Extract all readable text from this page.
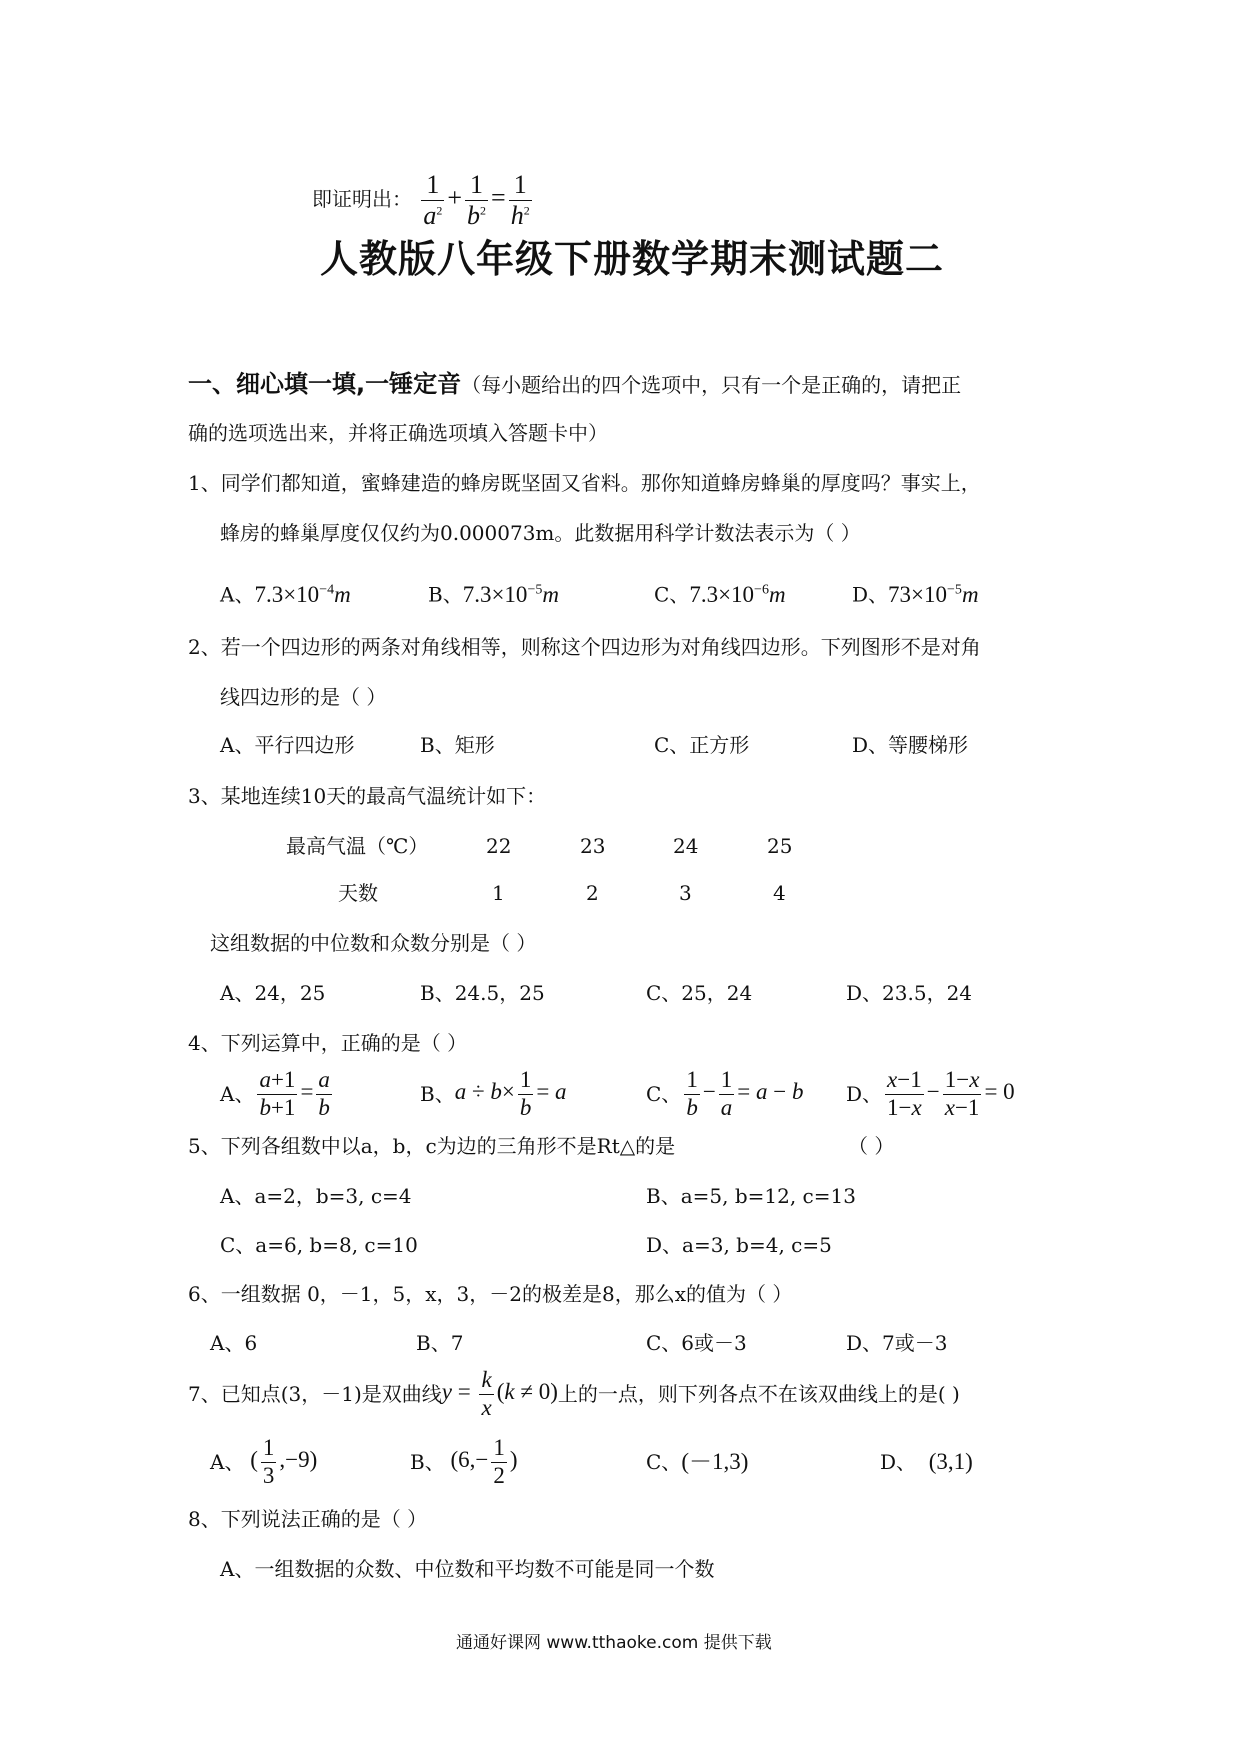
即证明出： $\frac{1}{a^2} + \frac{1}{b^2} = \frac{1}{h^2}$
人教版八年级下册数学期末测试题二
一、细心填一填,一锤定音（每小题给出的四个选项中，只有一个是正确的，请把正
确的选项选出来，并将正确选项填入答题卡中）
1、同学们都知道，蜜蜂建造的蜂房既坚固又省料。那你知道蜂房蜂巢的厚度吗？事实上，
蜂房的蜂巢厚度仅仅约为0.000073m。此数据用科学计数法表示为（ ）
A、$7.3\times 10^{-4}m$	B、$7.3\times 10^{-5}m$	C、$7.3\times 10^{-6}m$	D、$73\times 10^{-5}m$
2、若一个四边形的两条对角线相等，则称这个四边形为对角线四边形。下列图形不是对角
线四边形的是（ ）
A、平行四边形	B、矩形	C、正方形	D、等腰梯形
3、某地连续10天的最高气温统计如下：
最高气温（℃）	22	23	24	25
天数	1	2	3	4
这组数据的中位数和众数分别是（ ）
A、24，25	B、24.5，25	C、25，24	D、23.5，24
4、下列运算中，正确的是（ ）
A、 $\frac{a+1}{b+1} = \frac{a}{b}$	B、 $a \div b\times \frac{1}{b} = a$	C、 $\frac{1}{b} - \frac{1}{a} = a - b$ D、 $\frac{x-1}{1-x} - \frac{1-x}{x-1} = 0$
5、下列各组数中以a，b，c为边的三角形不是Rt△的是	（ ）
A、a=2，b=3, c=4	B、a=5, b=12, c=13
C、a=6, b=8, c=10	D、a=3, b=4, c=5
6、一组数据 0，－1，5，x，3，－2的极差是8，那么x的值为（ ）
A、6	B、7	C、6或－3	D、7或－3
7、已知点(3，－1)是双曲线 $y = \frac{k}{x} (k \ne 0)$ 上的一点，则下列各点不在该双曲线上的是( )
A、 ( $\frac{1}{3} ,-9$)	B、 ($6,- \frac{1}{2}$ )	C、 (－1,3)	D、
(3,1)
8、下列说法正确的是（ ）
A、一组数据的众数、中位数和平均数不可能是同一个数
通通好课网 www.tthaoke.com 提供下载
